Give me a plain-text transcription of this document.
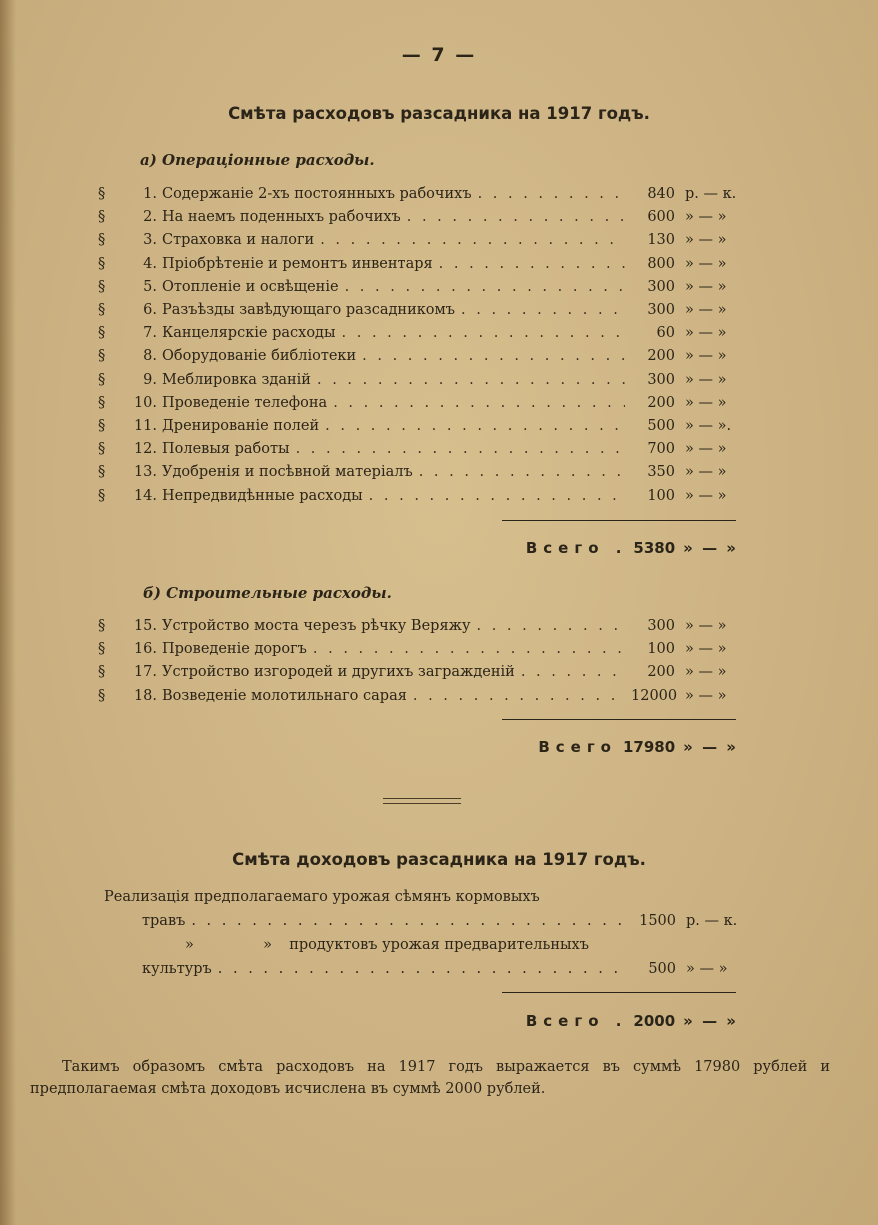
— 7 —
Смѣта расходовъ разсадника на 1917 годъ.
а) Операціонные расходы.
§	1. Содержаніе 2-хъ постоянныхъ рабочихъ . . .	840 р. — к.
§	2. На наемъ поденныхъ рабочихъ . . .	600 » — »
§	3. Страховка и налоги . . .	130 » — »
§	4. Пріобрѣтеніе и ремонтъ инвентаря . . .	800 » — »
§	5. Отопленіе и освѣщеніе . . .	300 » — »
§	6. Разъѣзды завѣдующаго разсадникомъ . . .	300 » — »
§	7. Канцелярскіе расходы . . .	60 » — »
§	8. Оборудованіе библіотеки . . .	200 » — »
§	9. Меблировка зданій . . .	300 » — »
§	10. Проведеніе телефона . . .	200 » — »
§	11. Дренированіе полей . . .	500 » — ».
§	12. Полевыя работы . . .	700 » — »
§	13. Удобренія и посѣвной матеріалъ . . .	350 » — »
§	14. Непредвидѣнные расходы . . .	100 » — »
Всего . 5380 » — »
б) Строительные расходы.
§	15. Устройство моста черезъ рѣчку Веряжу . . .	300 » — »
§	16. Проведеніе дорогъ . . .	100 » — »
§	17. Устройство изгородей и другихъ загражденій . . .	200 » — »
§	18. Возведеніе молотильнаго сарая . . .	12000 » — »
Всего 17980 » — »
Смѣта доходовъ разсадника на 1917 годъ.
Реализація предполагаемаго урожая сѣмянъ кормовыхъ
травъ . . .	1500 р. — к.
»	» продуктовъ урожая предварительныхъ
культуръ . . .	500 » — »
Всего . 2000 » — »
Такимъ образомъ смѣта расходовъ на 1917 годъ выражается въ суммѣ 17980 рублей и предполагаемая смѣта доходовъ исчислена въ суммѣ 2000 рублей.
